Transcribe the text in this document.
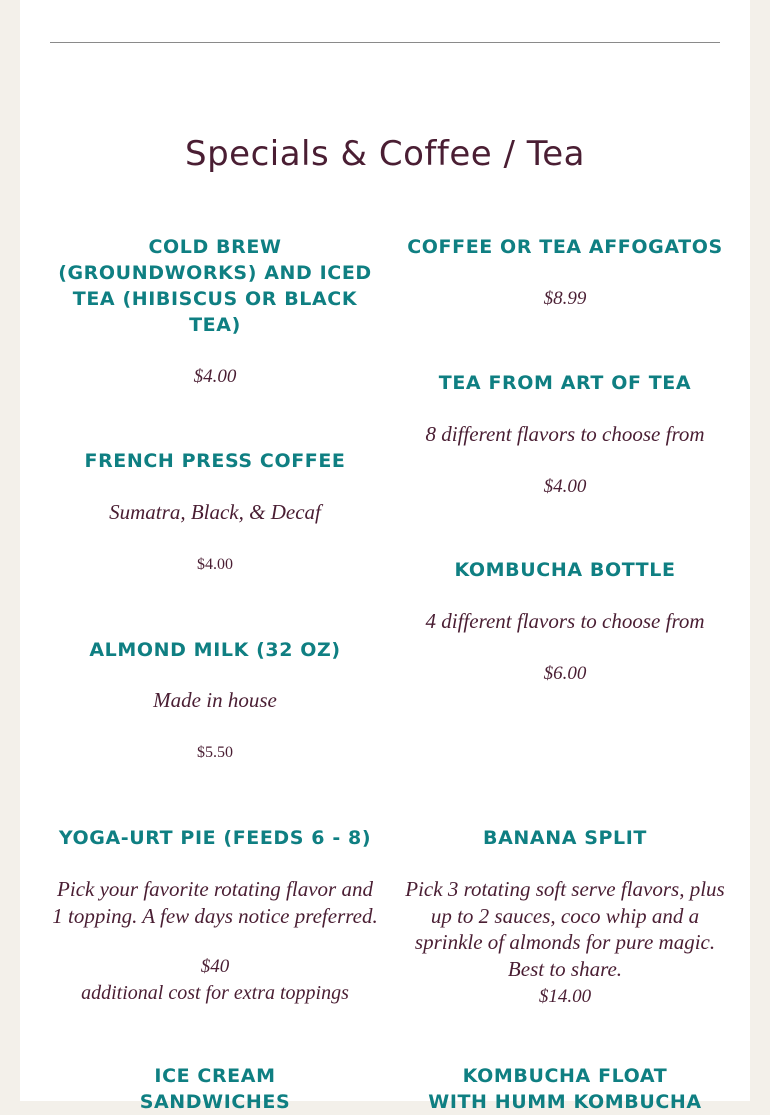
Specials & Coffee / Tea

COLD BREW (GROUNDWORKS) AND ICED TEA (HIBISCUS OR BLACK TEA)

$4.00

FRENCH PRESS COFFEE

Sumatra, Black, & Decaf

$4.00

ALMOND MILK (32 OZ)

Made in house

$5.50

YOGA-URT PIE (FEEDS 6 - 8)

Pick your favorite rotating flavor and 1 topping. A few days notice preferred.

$40

additional cost for extra toppings

ICE CREAM

SANDWICHES

COFFEE OR TEA AFFOGATOS

$8.99

TEA FROM ART OF TEA

8 different flavors to choose from

$4.00

KOMBUCHA BOTTLE

4 different flavors to choose from

$6.00

BANANA SPLIT

Pick 3 rotating soft serve flavors, plus up to 2 sauces, coco whip and a sprinkle of almonds for pure magic. Best to share.

$14.00

KOMBUCHA FLOAT

WITH HUMM KOMBUCHA
